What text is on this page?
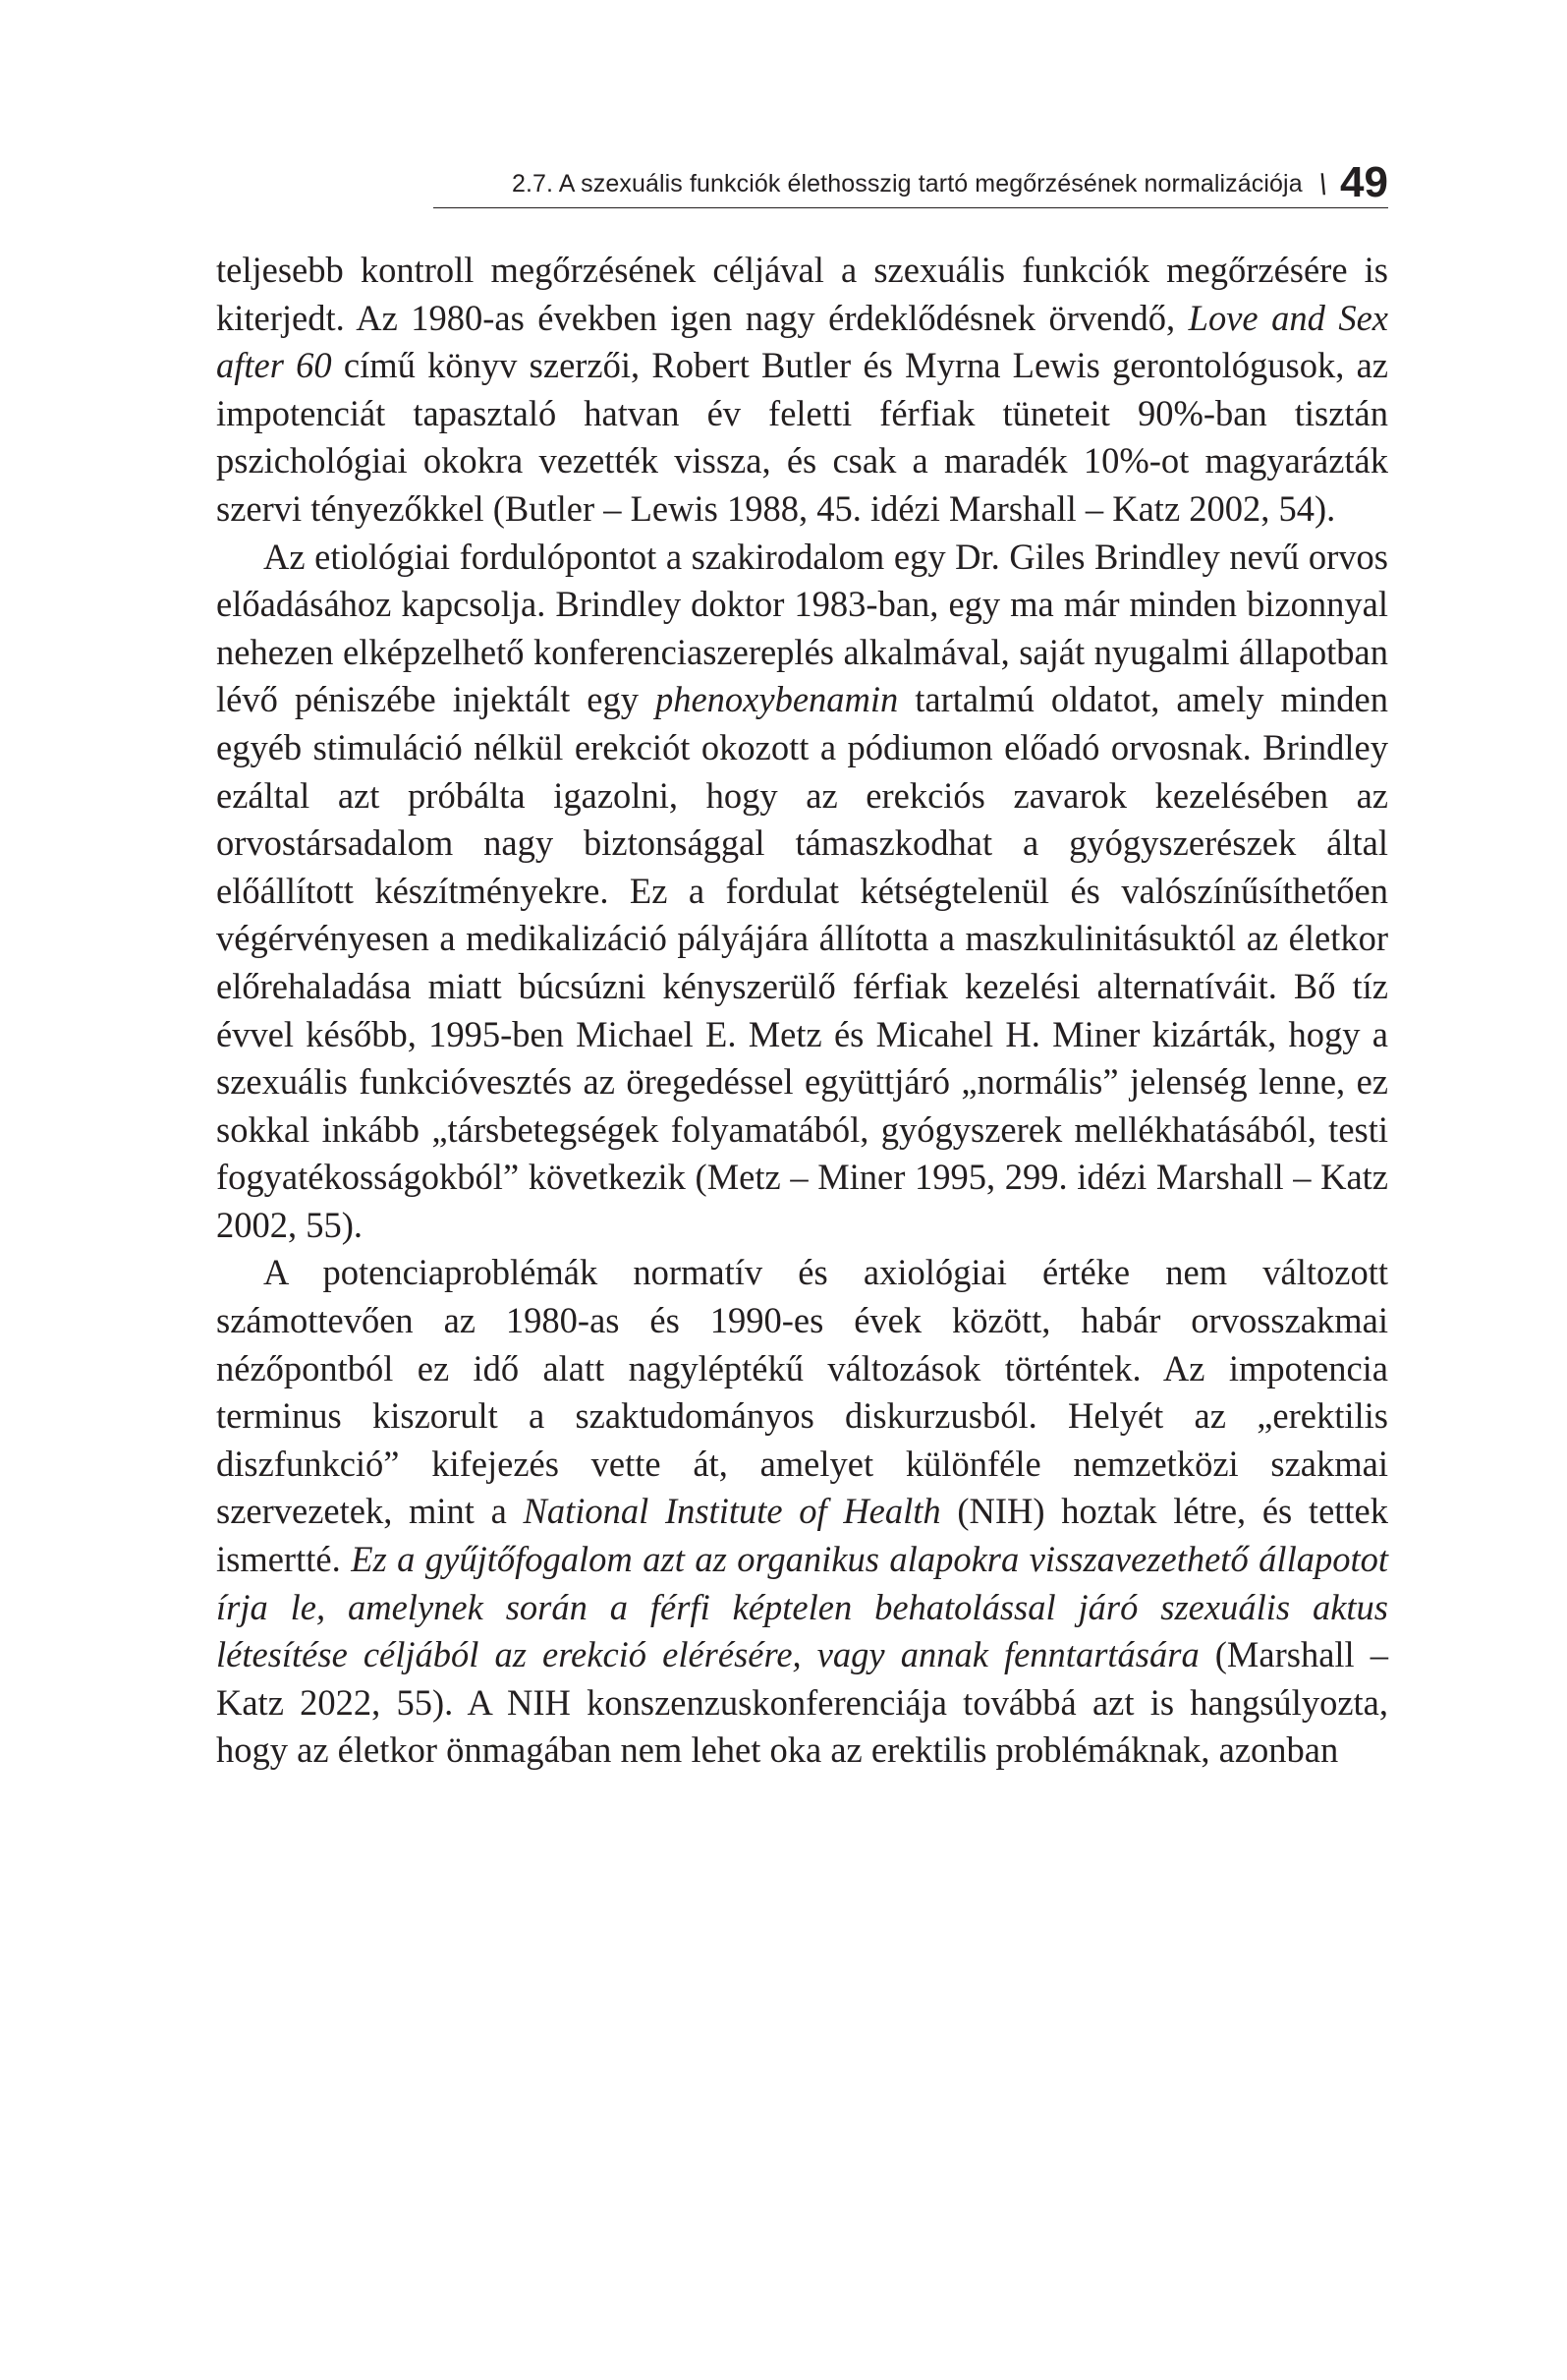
2.7. A szexuális funkciók élethosszig tartó megőrzésének normalizációja \ 49

teljesebb kontroll megőrzésének céljával a szexuális funkciók megőrzésére is kiterjedt. Az 1980-as években igen nagy érdeklődésnek örvendő, Love and Sex after 60 című könyv szerzői, Robert Butler és Myrna Lewis gerontológusok, az impotenciát tapasztaló hatvan év feletti férfiak tüneteit 90%-ban tisztán pszichológiai okokra vezették vissza, és csak a maradék 10%-ot magyarázták szervi tényezőkkel (Butler – Lewis 1988, 45. idézi Marshall – Katz 2002, 54).

Az etiológiai fordulópontot a szakirodalom egy Dr. Giles Brindley nevű orvos előadásához kapcsolja. Brindley doktor 1983-ban, egy ma már minden bizonnyal nehezen elképzelhető konferenciaszereplés alkalmával, saját nyugalmi állapotban lévő péniszébe injektált egy phenoxybenamin tartalmú oldatot, amely minden egyéb stimuláció nélkül erekciót okozott a pódiumon előadó orvosnak. Brindley ezáltal azt próbálta igazolni, hogy az erekciós zavarok kezelésében az orvostársadalom nagy biztonsággal támaszkodhat a gyógyszerészek által előállított készítményekre. Ez a fordulat kétségtelenül és valószínűsíthetően végérvényesen a medikalizáció pályájára állította a maszkulinitásuktól az életkor előrehaladása miatt búcsúzni kényszerülő férfiak kezelési alternatíváit. Bő tíz évvel később, 1995-ben Michael E. Metz és Micahel H. Miner kizárták, hogy a szexuális funkcióvesztés az öregedéssel együttjáró „normális” jelenség lenne, ez sokkal inkább „társbetegségek folyamatából, gyógyszerek mellékhatásából, testi fogyatékosságokból” következik (Metz – Miner 1995, 299. idézi Marshall – Katz 2002, 55).

A potenciaproblémák normatív és axiológiai értéke nem változott számottevően az 1980-as és 1990-es évek között, habár orvosszakmai nézőpontból ez idő alatt nagyléptékű változások történtek. Az impotencia terminus kiszorult a szaktudományos diskurzusból. Helyét az „erektilis diszfunkció” kifejezés vette át, amelyet különféle nemzetközi szakmai szervezetek, mint a National Institute of Health (NIH) hoztak létre, és tettek ismertté. Ez a gyűjtőfogalom azt az organikus alapokra visszavezethető állapotot írja le, amelynek során a férfi képtelen behatolással járó szexuális aktus létesítése céljából az erekció elérésére, vagy annak fenntartására (Marshall – Katz 2022, 55). A NIH konszenzuskonferenciája továbbá azt is hangsúlyozta, hogy az életkor önmagában nem lehet oka az erektilis problémáknak, azonban
